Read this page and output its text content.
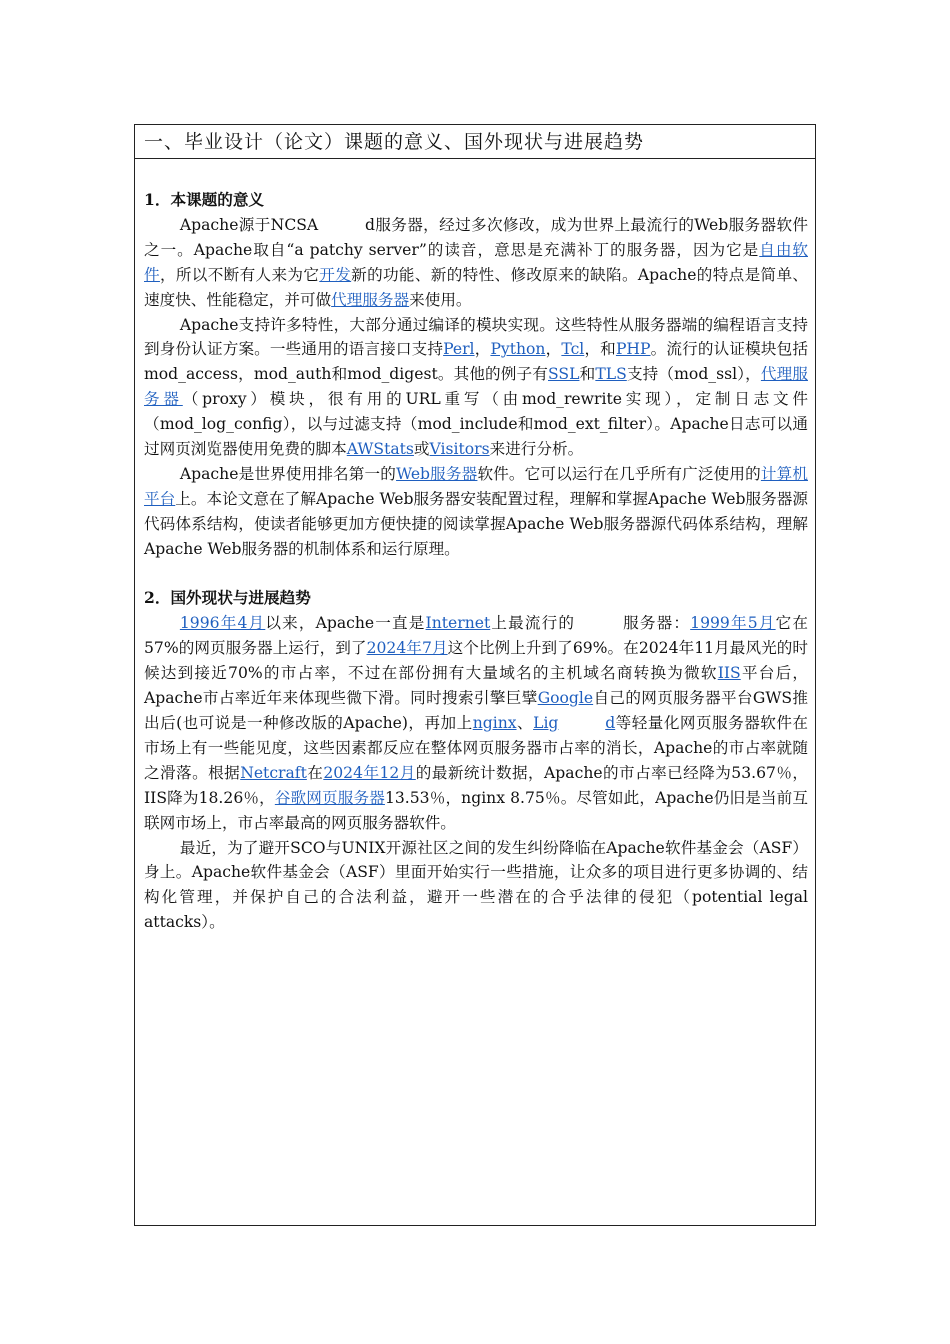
一、毕业设计（论文）课题的意义、国外现状与进展趋势

1．本课题的意义

Apache源于NCSA	d服务器，经过多次修改，成为世界上最流行的Web服务器软件之一。Apache取自“a patchy server”的读音，意思是充满补丁的服务器，因为它是自由软件，所以不断有人来为它开发新的功能、新的特性、修改原来的缺陷。Apache的特点是简单、速度快、性能稳定，并可做代理服务器来使用。

Apache支持许多特性，大部分通过编译的模块实现。这些特性从服务器端的编程语言支持到身份认证方案。一些通用的语言接口支持Perl，Python，Tcl，和PHP。流行的认证模块包括mod_access，mod_auth和mod_digest。其他的例子有SSL和TLS支持（mod_ssl），代理服务器（proxy）模块，很有用的URL重写（由mod_rewrite实现），定制日志文件（mod_log_config），以与过滤支持（mod_include和mod_ext_filter）。Apache日志可以通过网页浏览器使用免费的脚本AWStats或Visitors来进行分析。

Apache是世界使用排名第一的Web服务器软件。它可以运行在几乎所有广泛使用的计算机平台上。本论文意在了解Apache Web服务器安装配置过程，理解和掌握Apache Web服务器源代码体系结构，使读者能够更加方便快捷的阅读掌握Apache Web服务器源代码体系结构，理解Apache Web服务器的机制体系和运行原理。

2．国外现状与进展趋势

1996年4月以来，Apache一直是Internet上最流行的	服务器：1999年5月它在57%的网页服务器上运行，到了2024年7月这个比例上升到了69%。在2024年11月最风光的时候达到接近70%的市占率，不过在部份拥有大量域名的主机域名商转换为微软IIS平台后，Apache市占率近年来体现些微下滑。同时搜索引擎巨擘Google自己的网页服务器平台GWS推出后(也可说是一种修改版的Apache)，再加上nginx、Lig	d等轻量化网页服务器软件在市场上有一些能见度，这些因素都反应在整体网页服务器市占率的消长，Apache的市占率就随之滑落。根据Netcraft在2024年12月的最新统计数据，Apache的市占率已经降为53.67％，IIS降为18.26％，谷歌网页服务器13.53％，nginx 8.75％。尽管如此，Apache仍旧是当前互联网市场上，市占率最高的网页服务器软件。

最近，为了避开SCO与UNIX开源社区之间的发生纠纷降临在Apache软件基金会（ASF）身上。Apache软件基金会（ASF）里面开始实行一些措施，让众多的项目进行更多协调的、结构化管理，并保护自己的合法利益，避开一些潜在的合乎法律的侵犯（potential legal attacks）。
